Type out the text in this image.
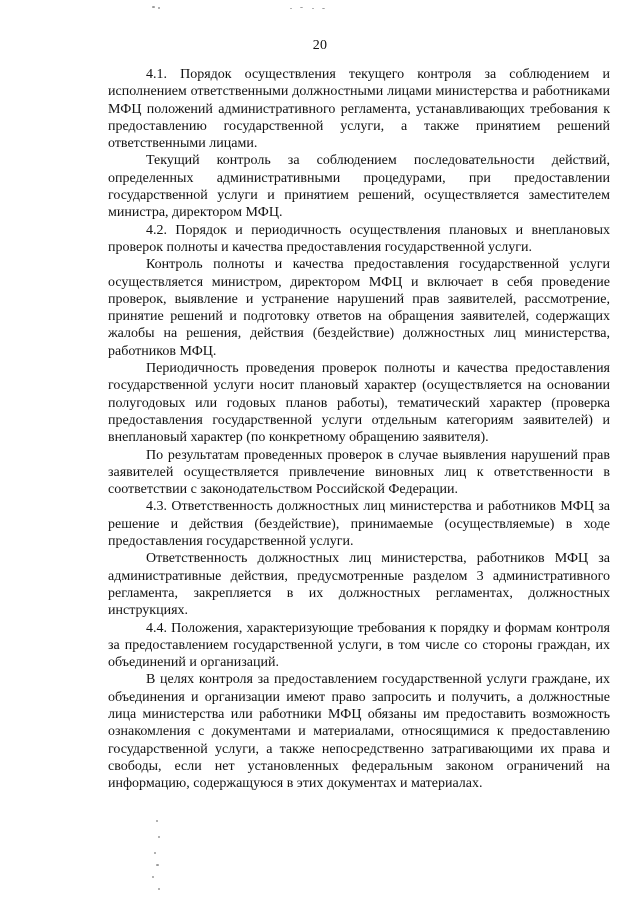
20

4.1. Порядок осуществления текущего контроля за соблюдением и исполнением ответственными должностными лицами министерства и работниками МФЦ положений административного регламента, устанавливающих требования к предоставлению государственной услуги, а также принятием решений ответственными лицами.

Текущий контроль за соблюдением последовательности действий, определенных административными процедурами, при предоставлении государственной услуги и принятием решений, осуществляется заместителем министра, директором МФЦ.

4.2. Порядок и периодичность осуществления плановых и внеплановых проверок полноты и качества предоставления государственной услуги.

Контроль полноты и качества предоставления государственной услуги осуществляется министром, директором МФЦ и включает в себя проведение проверок, выявление и устранение нарушений прав заявителей, рассмотрение, принятие решений и подготовку ответов на обращения заявителей, содержащих жалобы на решения, действия (бездействие) должностных лиц министерства, работников МФЦ.

Периодичность проведения проверок полноты и качества предоставления государственной услуги носит плановый характер (осуществляется на основании полугодовых или годовых планов работы), тематический характер (проверка предоставления государственной услуги отдельным категориям заявителей) и внеплановый характер (по конкретному обращению заявителя).

По результатам проведенных проверок в случае выявления нарушений прав заявителей осуществляется привлечение виновных лиц к ответственности в соответствии с законодательством Российской Федерации.

4.3. Ответственность должностных лиц министерства и работников МФЦ за решение и действия (бездействие), принимаемые (осуществляемые) в ходе предоставления государственной услуги.

Ответственность должностных лиц министерства, работников МФЦ за административные действия, предусмотренные разделом 3 административного регламента, закрепляется в их должностных регламентах, должностных инструкциях.

4.4. Положения, характеризующие требования к порядку и формам контроля за предоставлением государственной услуги, в том числе со стороны граждан, их объединений и организаций.

В целях контроля за предоставлением государственной услуги граждане, их объединения и организации имеют право запросить и получить, а должностные лица министерства или работники МФЦ обязаны им предоставить возможность ознакомления с документами и материалами, относящимися к предоставлению государственной услуги, а также непосредственно затрагивающими их права и свободы, если нет установленных федеральным законом ограничений на информацию, содержащуюся в этих документах и материалах.
